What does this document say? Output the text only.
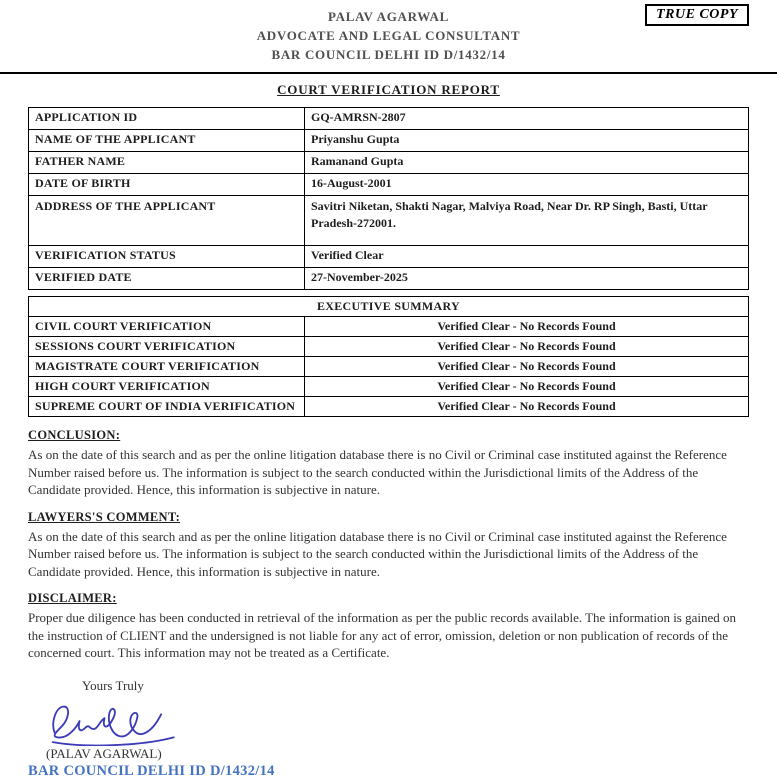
PALAV AGARWAL
ADVOCATE AND LEGAL CONSULTANT
BAR COUNCIL DELHI ID D/1432/14
TRUE COPY
COURT VERIFICATION REPORT
APPLICATION ID	GQ-AMRSN-2807
NAME OF THE APPLICANT	Priyanshu Gupta
FATHER NAME	Ramanand Gupta
DATE OF BIRTH	16-August-2001
ADDRESS OF THE APPLICANT	Savitri Niketan, Shakti Nagar, Malviya Road, Near Dr. RP Singh, Basti, Uttar Pradesh-272001.
VERIFICATION STATUS	Verified Clear
VERIFIED DATE	27-November-2025
EXECUTIVE SUMMARY	
CIVIL COURT VERIFICATION	Verified Clear - No Records Found
SESSIONS COURT VERIFICATION	Verified Clear - No Records Found
MAGISTRATE COURT VERIFICATION	Verified Clear - No Records Found
HIGH COURT VERIFICATION	Verified Clear - No Records Found
SUPREME COURT OF INDIA VERIFICATION	Verified Clear - No Records Found
CONCLUSION:
As on the date of this search and as per the online litigation database there is no Civil or Criminal case instituted against the Reference Number raised before us. The information is subject to the search conducted within the Jurisdictional limits of the Address of the Candidate provided. Hence, this information is subjective in nature.
LAWYERS'S COMMENT:
As on the date of this search and as per the online litigation database there is no Civil or Criminal case instituted against the Reference Number raised before us. The information is subject to the search conducted within the Jurisdictional limits of the Address of the Candidate provided. Hence, this information is subjective in nature.
DISCLAIMER:
Proper due diligence has been conducted in retrieval of the information as per the public records available. The information is gained on the instruction of CLIENT and the undersigned is not liable for any act of error, omission, deletion or non publication of records of the concerned court. This information may not be treated as a Certificate.
Yours Truly
(PALAV AGARWAL)
BAR COUNCIL DELHI ID D/1432/14
